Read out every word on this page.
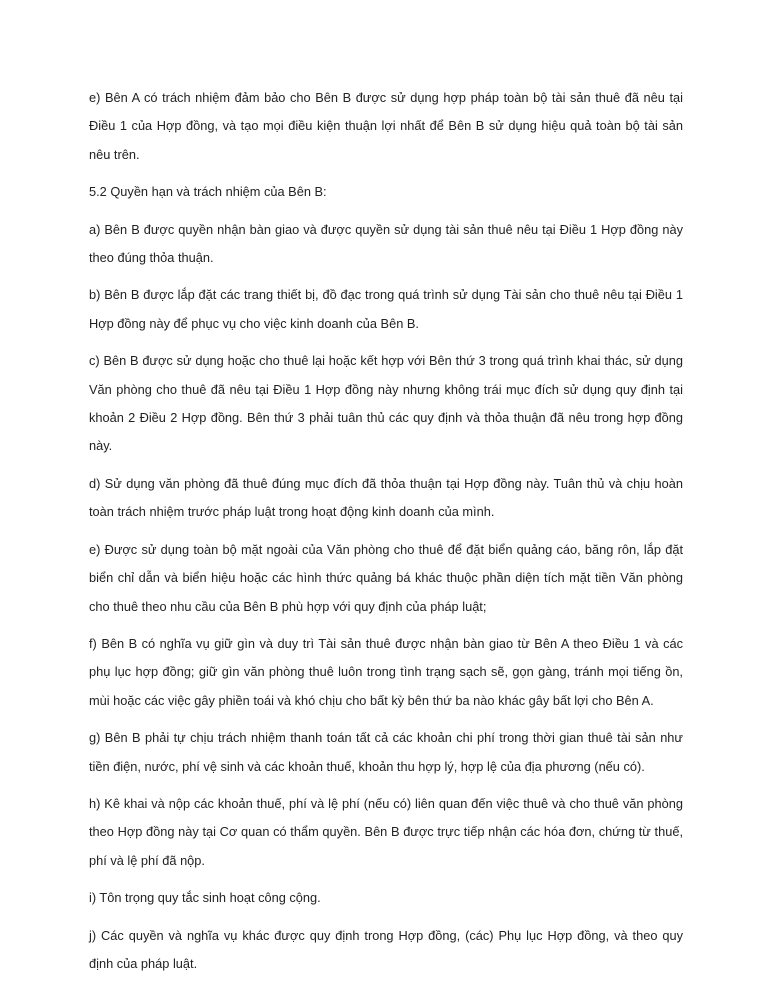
e) Bên A có trách nhiệm đảm bảo cho Bên B được sử dụng hợp pháp toàn bộ tài sản thuê đã nêu tại Điều 1 của Hợp đồng, và tạo mọi điều kiện thuận lợi nhất để Bên B sử dụng hiệu quả toàn bộ tài sản nêu trên.

5.2 Quyền hạn và trách nhiệm của Bên B:

a) Bên B được quyền nhận bàn giao và được quyền sử dụng tài sản thuê nêu tại Điều 1 Hợp đồng này theo đúng thỏa thuận.

b) Bên B được lắp đặt các trang thiết bị, đồ đạc trong quá trình sử dụng Tài sản cho thuê nêu tại Điều 1 Hợp đồng này để phục vụ cho việc kinh doanh của Bên B.

c) Bên B được sử dụng hoặc cho thuê lại hoặc kết hợp với Bên thứ 3 trong quá trình khai thác, sử dụng Văn phòng cho thuê đã nêu tại Điều 1 Hợp đồng này nhưng không trái mục đích sử dụng quy định tại khoản 2 Điều 2 Hợp đồng. Bên thứ 3 phải tuân thủ các quy định và thỏa thuận đã nêu trong hợp đồng này.

d) Sử dụng văn phòng đã thuê đúng mục đích đã thỏa thuận tại Hợp đồng này. Tuân thủ và chịu hoàn toàn trách nhiệm trước pháp luật trong hoạt động kinh doanh của mình.

e) Được sử dụng toàn bộ mặt ngoài của Văn phòng cho thuê để đặt biển quảng cáo, băng rôn, lắp đặt biển chỉ dẫn và biển hiệu hoặc các hình thức quảng bá khác thuộc phần diện tích mặt tiền Văn phòng cho thuê theo nhu cầu của Bên B phù hợp với quy định của pháp luật;

f) Bên B có nghĩa vụ giữ gìn và duy trì Tài sản thuê được nhận bàn giao từ Bên A theo Điều 1 và các phụ lục hợp đồng; giữ gìn văn phòng thuê luôn trong tình trạng sạch sẽ, gọn gàng, tránh mọi tiếng ồn, mùi hoặc các việc gây phiền toái và khó chịu cho bất kỳ bên thứ ba nào khác gây bất lợi cho Bên A.

g) Bên B phải tự chịu trách nhiệm thanh toán tất cả các khoản chi phí trong thời gian thuê tài sản như tiền điện, nước, phí vệ sinh và các khoản thuế, khoản thu hợp lý, hợp lệ của địa phương (nếu có).

h) Kê khai và nộp các khoản thuế, phí và lệ phí (nếu có) liên quan đến việc thuê và cho thuê văn phòng theo Hợp đồng này tại Cơ quan có thẩm quyền. Bên B được trực tiếp nhận các hóa đơn, chứng từ thuế, phí và lệ phí đã nộp.

i) Tôn trọng quy tắc sinh hoạt công cộng.

j) Các quyền và nghĩa vụ khác được quy định trong Hợp đồng, (các) Phụ lục Hợp đồng, và theo quy định của pháp luật.
